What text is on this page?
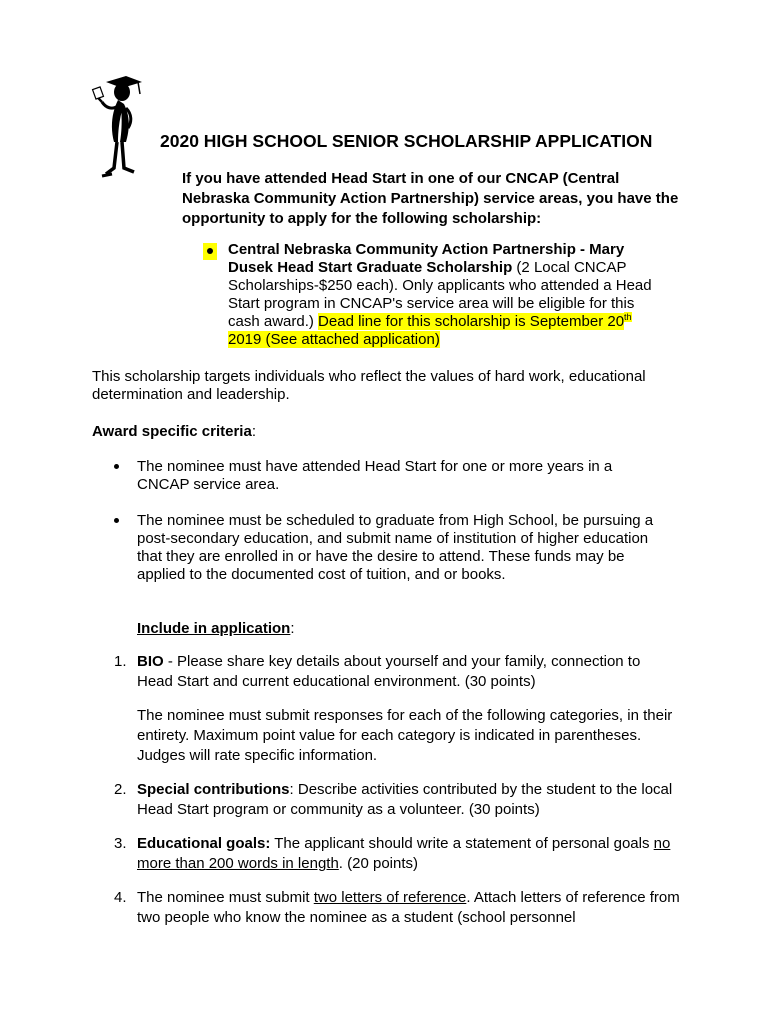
2020 HIGH SCHOOL SENIOR SCHOLARSHIP APPLICATION

If you have attended Head Start in one of our CNCAP (Central Nebraska Community Action Partnership) service areas, you have the opportunity to apply for the following scholarship:

Central Nebraska Community Action Partnership - Mary Dusek Head Start Graduate Scholarship (2 Local CNCAP Scholarships-$250 each). Only applicants who attended a Head Start program in CNCAP's service area will be eligible for this cash award.) Dead line for this scholarship is September 20th 2019 (See attached application)

This scholarship targets individuals who reflect the values of hard work, educational determination and leadership.

Award specific criteria:

The nominee must have attended Head Start for one or more years in a CNCAP service area.

The nominee must be scheduled to graduate from High School, be pursuing a post-secondary education, and submit name of institution of higher education that they are enrolled in or have the desire to attend. These funds may be applied to the documented cost of tuition, and or books.

Include in application:

1. BIO - Please share key details about yourself and your family, connection to Head Start and current educational environment. (30 points)

The nominee must submit responses for each of the following categories, in their entirety. Maximum point value for each category is indicated in parentheses. Judges will rate specific information.

2. Special contributions: Describe activities contributed by the student to the local Head Start program or community as a volunteer. (30 points)

3. Educational goals: The applicant should write a statement of personal goals no more than 200 words in length. (20 points)

4. The nominee must submit two letters of reference. Attach letters of reference from two people who know the nominee as a student (school personnel
